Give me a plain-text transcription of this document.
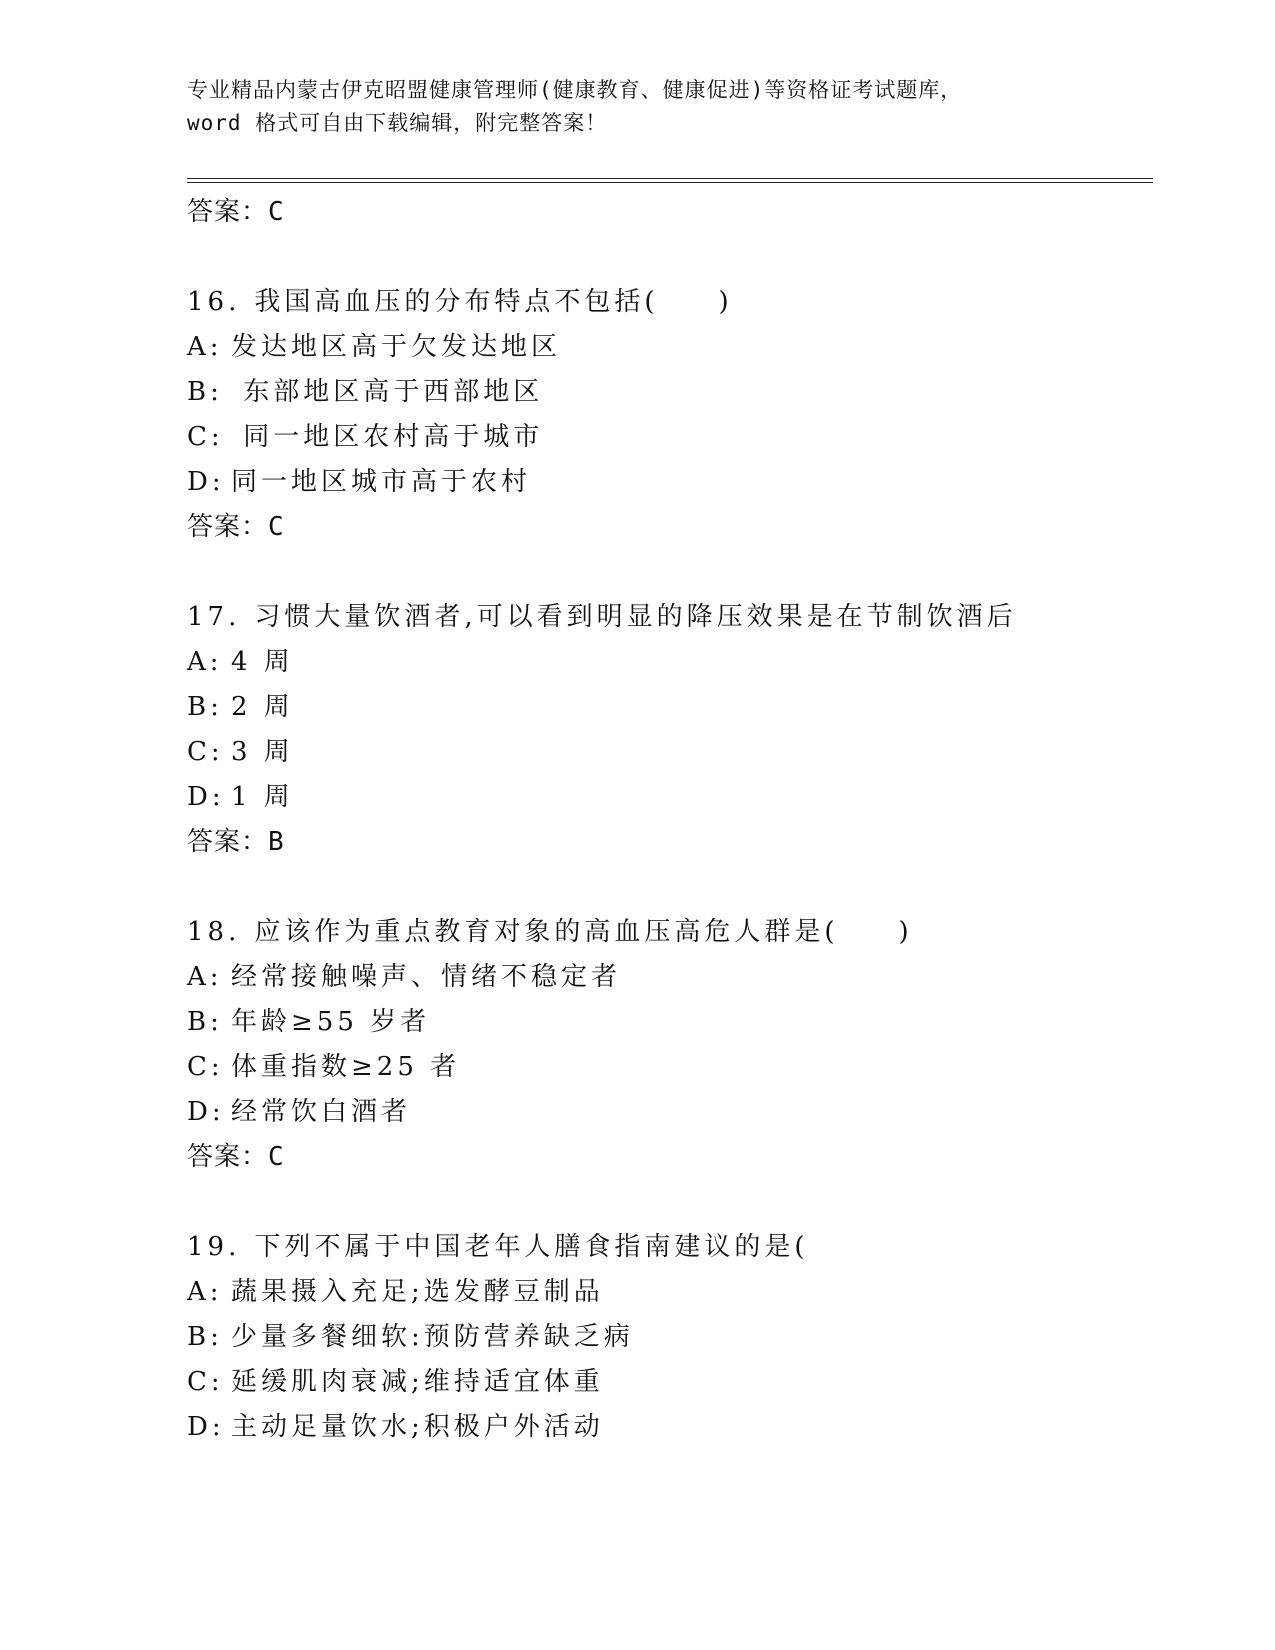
专业精品内蒙古伊克昭盟健康管理师(健康教育、健康促进)等资格证考试题库，
word 格式可自由下载编辑，附完整答案！
答案：C
16. 我国高血压的分布特点不包括(　　)
A: 发达地区高于欠发达地区
B: 东部地区高于西部地区
C: 同一地区农村高于城市
D: 同一地区城市高于农村
答案：C
17. 习惯大量饮酒者,可以看到明显的降压效果是在节制饮酒后
A: 4 周
B: 2 周
C: 3 周
D: 1 周
答案：B
18. 应该作为重点教育对象的高血压高危人群是(　　)
A: 经常接触噪声、情绪不稳定者
B: 年龄≥55 岁者
C: 体重指数≥25 者
D: 经常饮白酒者
答案：C
19. 下列不属于中国老年人膳食指南建议的是(
A: 蔬果摄入充足;选发酵豆制品
B: 少量多餐细软:预防营养缺乏病
C: 延缓肌肉衰减;维持适宜体重
D: 主动足量饮水;积极户外活动
